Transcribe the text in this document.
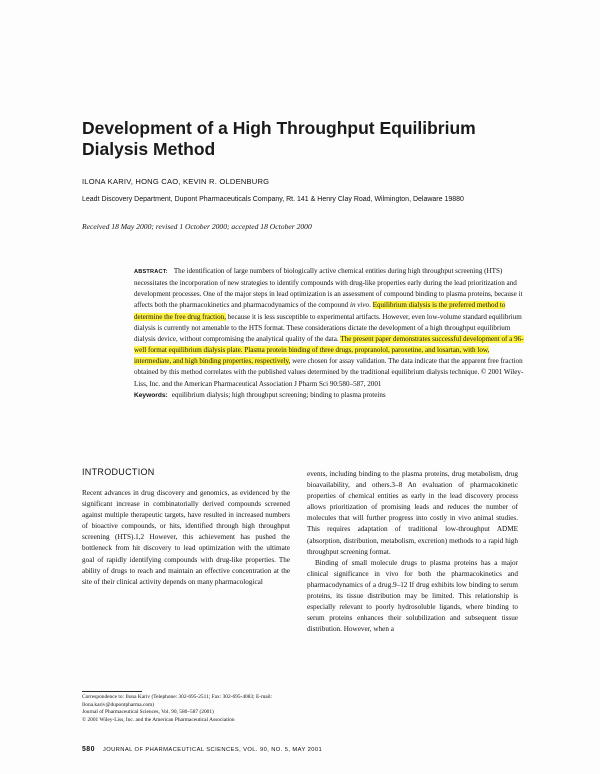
Development of a High Throughput Equilibrium Dialysis Method
ILONA KARIV, HONG CAO, KEVIN R. OLDENBURG
Leadt Discovery Department, Dupont Pharmaceuticals Company, Rt. 141 & Henry Clay Road, Wilmington, Delaware 19880
Received 18 May 2000; revised 1 October 2000; accepted 18 October 2000

ABSTRACT: The identification of large numbers of biologically active chemical entities during high throughput screening (HTS) necessitates the incorporation of new strategies to identify compounds with drug-like properties early during the lead prioritization and development processes. One of the major steps in lead optimization is an assessment of compound binding to plasma proteins, because it affects both the pharmacokinetics and pharmacodynamics of the compound in vivo. Equilibrium dialysis is the preferred method to determine the free drug fraction, because it is less susceptible to experimental artifacts. However, even low-volume standard equilibrium dialysis is currently not amenable to the HTS format. These considerations dictate the development of a high throughput equilibrium dialysis device, without compromising the analytical quality of the data. The present paper demonstrates successful development of a 96-well format equilibrium dialysis plate. Plasma protein binding of three drugs, propranolol, paroxetine, and losartan, with low, intermediate, and high binding properties, respectively, were chosen for assay validation. The data indicate that the apparent free fraction obtained by this method correlates with the published values determined by the traditional equilibrium dialysis technique. © 2001 Wiley-Liss, Inc. and the American Pharmaceutical Association J Pharm Sci 90:580–587, 2001

Keywords: equilibrium dialysis; high throughput screening; binding to plasma proteins

INTRODUCTION

Recent advances in drug discovery and genomics, as evidenced by the significant increase in combinatorially derived compounds screened against multiple therapeutic targets, have resulted in increased numbers of bioactive compounds, or hits, identified through high throughput screening (HTS).1,2 However, this achievement has pushed the bottleneck from hit discovery to lead optimization with the ultimate goal of rapidly identifying compounds with drug-like properties. The ability of drugs to reach and maintain an effective concentration at the site of their clinical activity depends on many pharmacological

events, including binding to the plasma proteins, drug metabolism, drug bioavailability, and others.3–8 An evaluation of pharmacokinetic properties of chemical entities as early in the lead discovery process allows prioritization of promising leads and reduces the number of molecules that will further progress into costly in vivo animal studies. This requires adaptation of traditional low-throughput ADME (absorption, distribution, metabolism, excretion) methods to a rapid high throughput screening format.

Binding of small molecule drugs to plasma proteins has a major clinical significance in vivo for both the pharmacokinetics and pharmacodynamics of a drug.9–12 If drug exhibits low binding to serum proteins, its tissue distribution may be limited. This relationship is especially relevant to poorly hydrosoluble ligands, where binding to serum proteins enhances their solubilization and subsequent tissue distribution. However, when a

Correspondence to: Ilona Kariv (Telephone: 302-695-2511; Fax: 302-695-4083; E-mail: Ilona.kariv@dupontpharma.com)

Journal of Pharmaceutical Sciences, Vol. 90, 580–587 (2001)

© 2001 Wiley-Liss, Inc. and the American Pharmaceutical Association

580 JOURNAL OF PHARMACEUTICAL SCIENCES, VOL. 90, NO. 5, MAY 2001
